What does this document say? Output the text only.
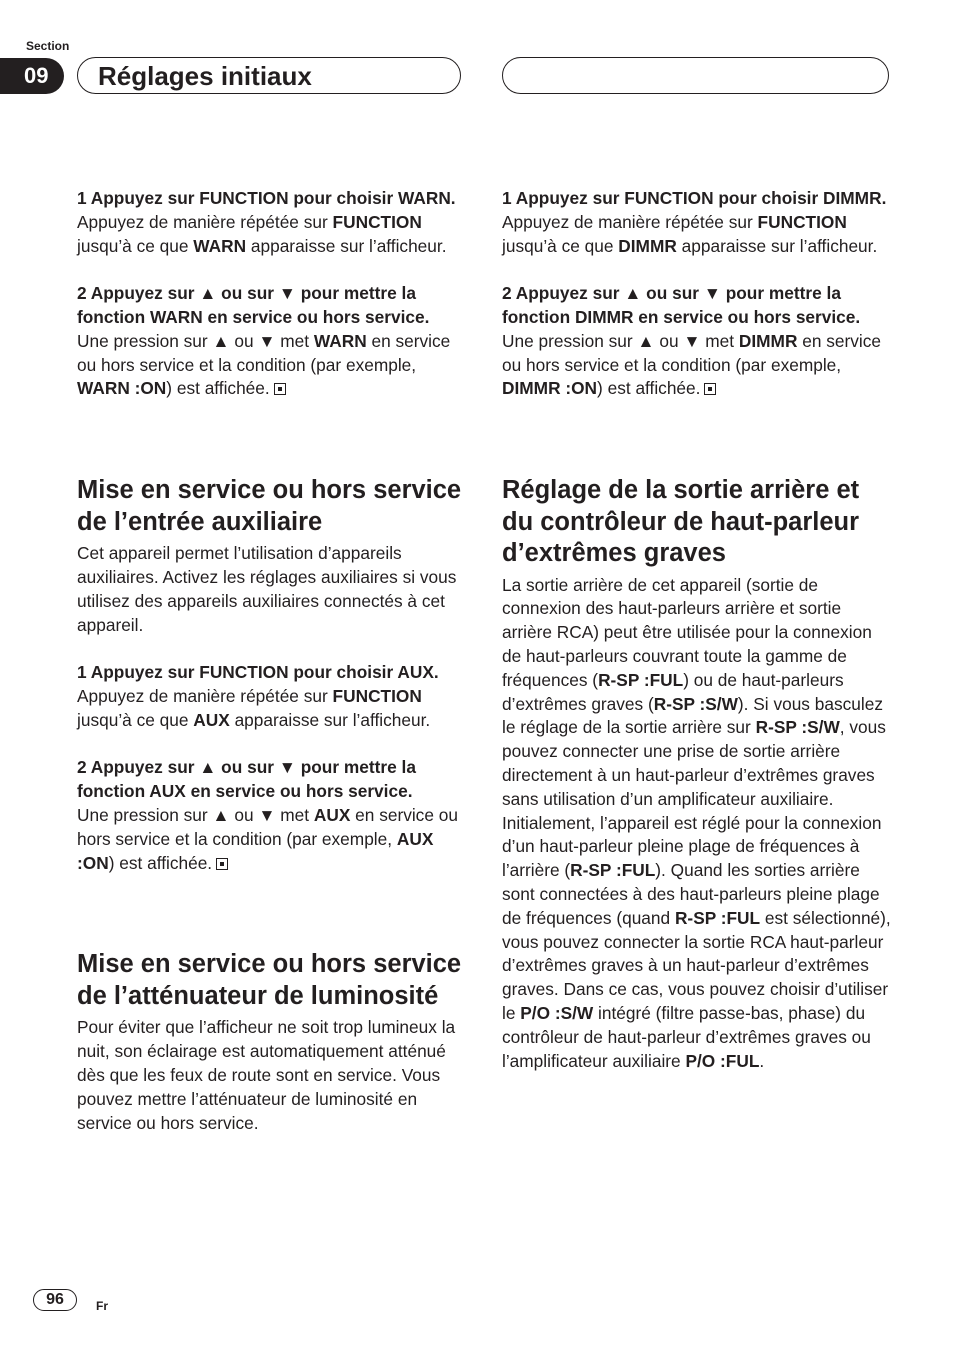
Section
09	Réglages initiaux

1 Appuyez sur FUNCTION pour choisir WARN.

Appuyez de manière répétée sur FUNCTION jusqu’à ce que WARN apparaisse sur l’afficheur.

2 Appuyez sur ▲ ou sur ▼ pour mettre la fonction WARN en service ou hors service.

Une pression sur ▲ ou ▼ met WARN en service ou hors service et la condition (par exemple, WARN :ON) est affichée.

Mise en service ou hors service de l’entrée auxiliaire

Cet appareil permet l’utilisation d’appareils auxiliaires. Activez les réglages auxiliaires si vous utilisez des appareils auxiliaires connectés à cet appareil.

1 Appuyez sur FUNCTION pour choisir AUX.

Appuyez de manière répétée sur FUNCTION jusqu’à ce que AUX apparaisse sur l’afficheur.

2 Appuyez sur ▲ ou sur ▼ pour mettre la fonction AUX en service ou hors service.

Une pression sur ▲ ou ▼ met AUX en service ou hors service et la condition (par exemple, AUX :ON) est affichée.

Mise en service ou hors service de l’atténuateur de luminosité

Pour éviter que l’afficheur ne soit trop lumineux la nuit, son éclairage est automatiquement atténué dès que les feux de route sont en service. Vous pouvez mettre l’atténuateur de luminosité en service ou hors service.

1 Appuyez sur FUNCTION pour choisir DIMMR.

Appuyez de manière répétée sur FUNCTION jusqu’à ce que DIMMR apparaisse sur l’afficheur.

2 Appuyez sur ▲ ou sur ▼ pour mettre la fonction DIMMR en service ou hors service.

Une pression sur ▲ ou ▼ met DIMMR en service ou hors service et la condition (par exemple, DIMMR :ON) est affichée.

Réglage de la sortie arrière et du contrôleur de haut-parleur d’extrêmes graves

La sortie arrière de cet appareil (sortie de connexion des haut-parleurs arrière et sortie arrière RCA) peut être utilisée pour la connexion de haut-parleurs couvrant toute la gamme de fréquences (R-SP :FUL) ou de haut-parleurs d’extrêmes graves (R-SP :S/W). Si vous basculez le réglage de la sortie arrière sur R-SP :S/W, vous pouvez connecter une prise de sortie arrière directement à un haut-parleur d’extrêmes graves sans utilisation d’un amplificateur auxiliaire.

Initialement, l’appareil est réglé pour la connexion d’un haut-parleur pleine plage de fréquences à l’arrière (R-SP :FUL). Quand les sorties arrière sont connectées à des haut-parleurs pleine plage de fréquences (quand R-SP :FUL est sélectionné), vous pouvez connecter la sortie RCA haut-parleur d’extrêmes graves à un haut-parleur d’extrêmes graves. Dans ce cas, vous pouvez choisir d’utiliser le P/O :S/W intégré (filtre passe-bas, phase) du contrôleur de haut-parleur d’extrêmes graves ou l’amplificateur auxiliaire P/O :FUL.

96	Fr
